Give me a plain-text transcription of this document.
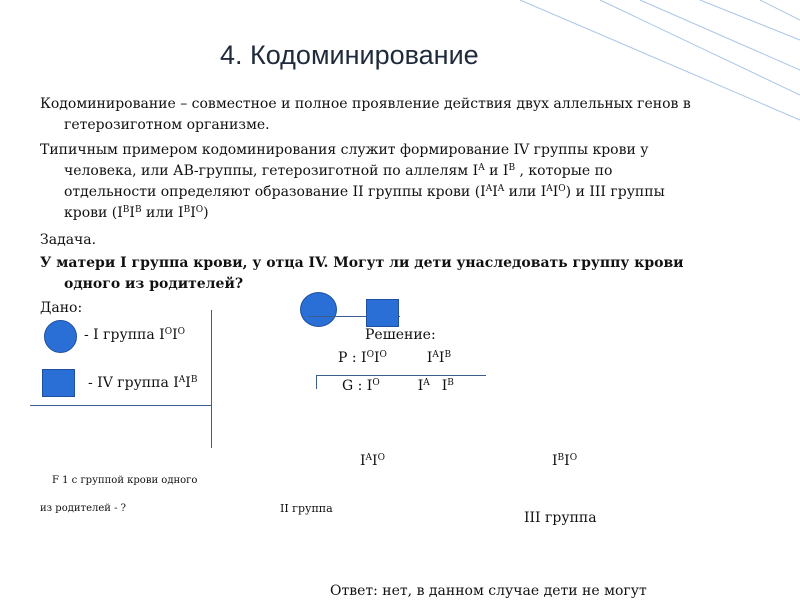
4. Кодоминирование
Кодоминирование – совместное и полное проявление действия двух аллельных генов в
гетерозиготном организме.
Типичным примером кодоминирования служит формирование IV группы крови у
человека, или АВ-группы, гетерозиготной по аллелям $I^A$ и $I^B$ , которые по
отдельности определяют образование II группы крови ($I^AI^A$ или $I^AI^O$) и III группы
крови ($I^BI^B$ или $I^BI^O$)
Задача.
У матери I группа крови, у отца IV. Могут ли дети унаследовать группу крови
одного из родителей?
Дано:
- I группа $I^OI^O$
- IV группа $I^AI^B$
Решение:
P : $I^OI^O$	$I^AI^B$
G : $I^O$	$I^A$ $I^B$
$I^AI^O$	$I^BI^O$
F 1 с группой крови одного
из родителей - ?	II группа
III группа
Ответ: нет, в данном случае дети не могут
